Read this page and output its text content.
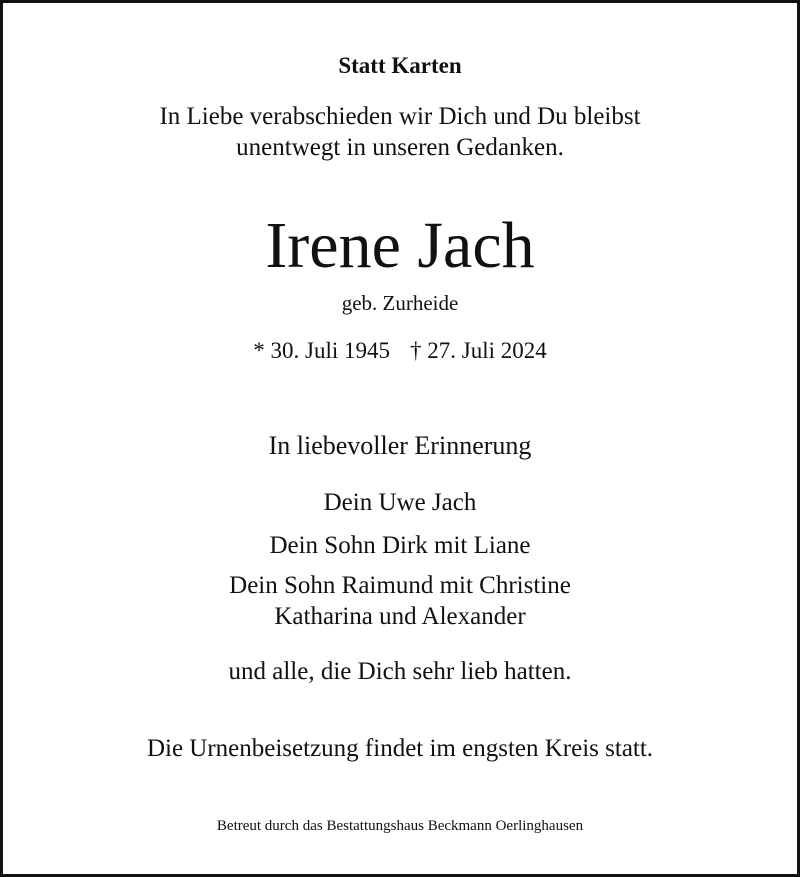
Statt Karten
In Liebe verabschieden wir Dich und Du bleibst
unentwegt in unseren Gedanken.
Irene Jach
geb. Zurheide
* 30. Juli 1945 † 27. Juli 2024
In liebevoller Erinnerung
Dein Uwe Jach
Dein Sohn Dirk mit Liane
Dein Sohn Raimund mit Christine
Katharina und Alexander
und alle, die Dich sehr lieb hatten.
Die Urnenbeisetzung findet im engsten Kreis statt.
Betreut durch das Bestattungshaus Beckmann Oerlinghausen
